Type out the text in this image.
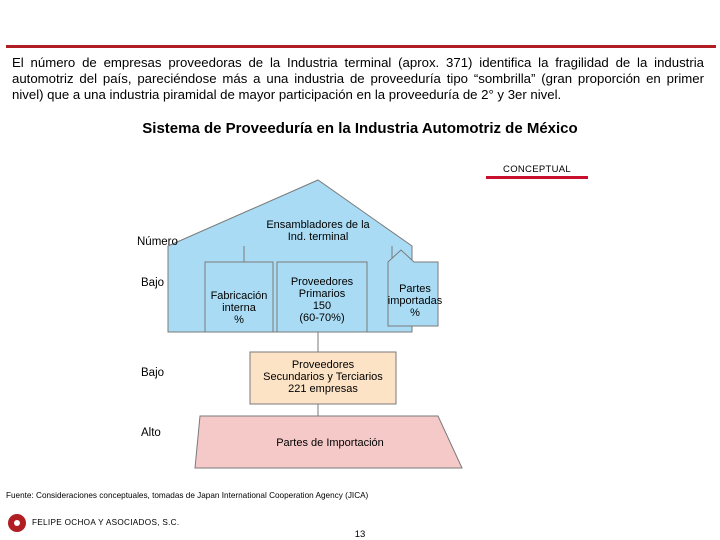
El número de empresas proveedoras de la Industria terminal (aprox. 371) identifica la fragilidad de la industria automotriz del país, pareciéndose más a una industria de proveeduría tipo “sombrilla” (gran proporción en primer nivel) que a una industria piramidal de mayor participación en la proveeduría de 2° y 3er nivel.
Sistema de Proveeduría en la Industria Automotriz de México
CONCEPTUAL
Número
Bajo
Bajo
Alto
Ensambladores de la
Ind. terminal
Fabricación
interna
%
Proveedores
Primarios
150
(60-70%)
Partes
importadas
%
Proveedores
Secundarios y Terciarios
221 empresas
Partes de Importación
Fuente: Consideraciones conceptuales, tomadas de Japan International Cooperation Agency (JICA)
FELIPE OCHOA Y ASOCIADOS, S.C.
13
